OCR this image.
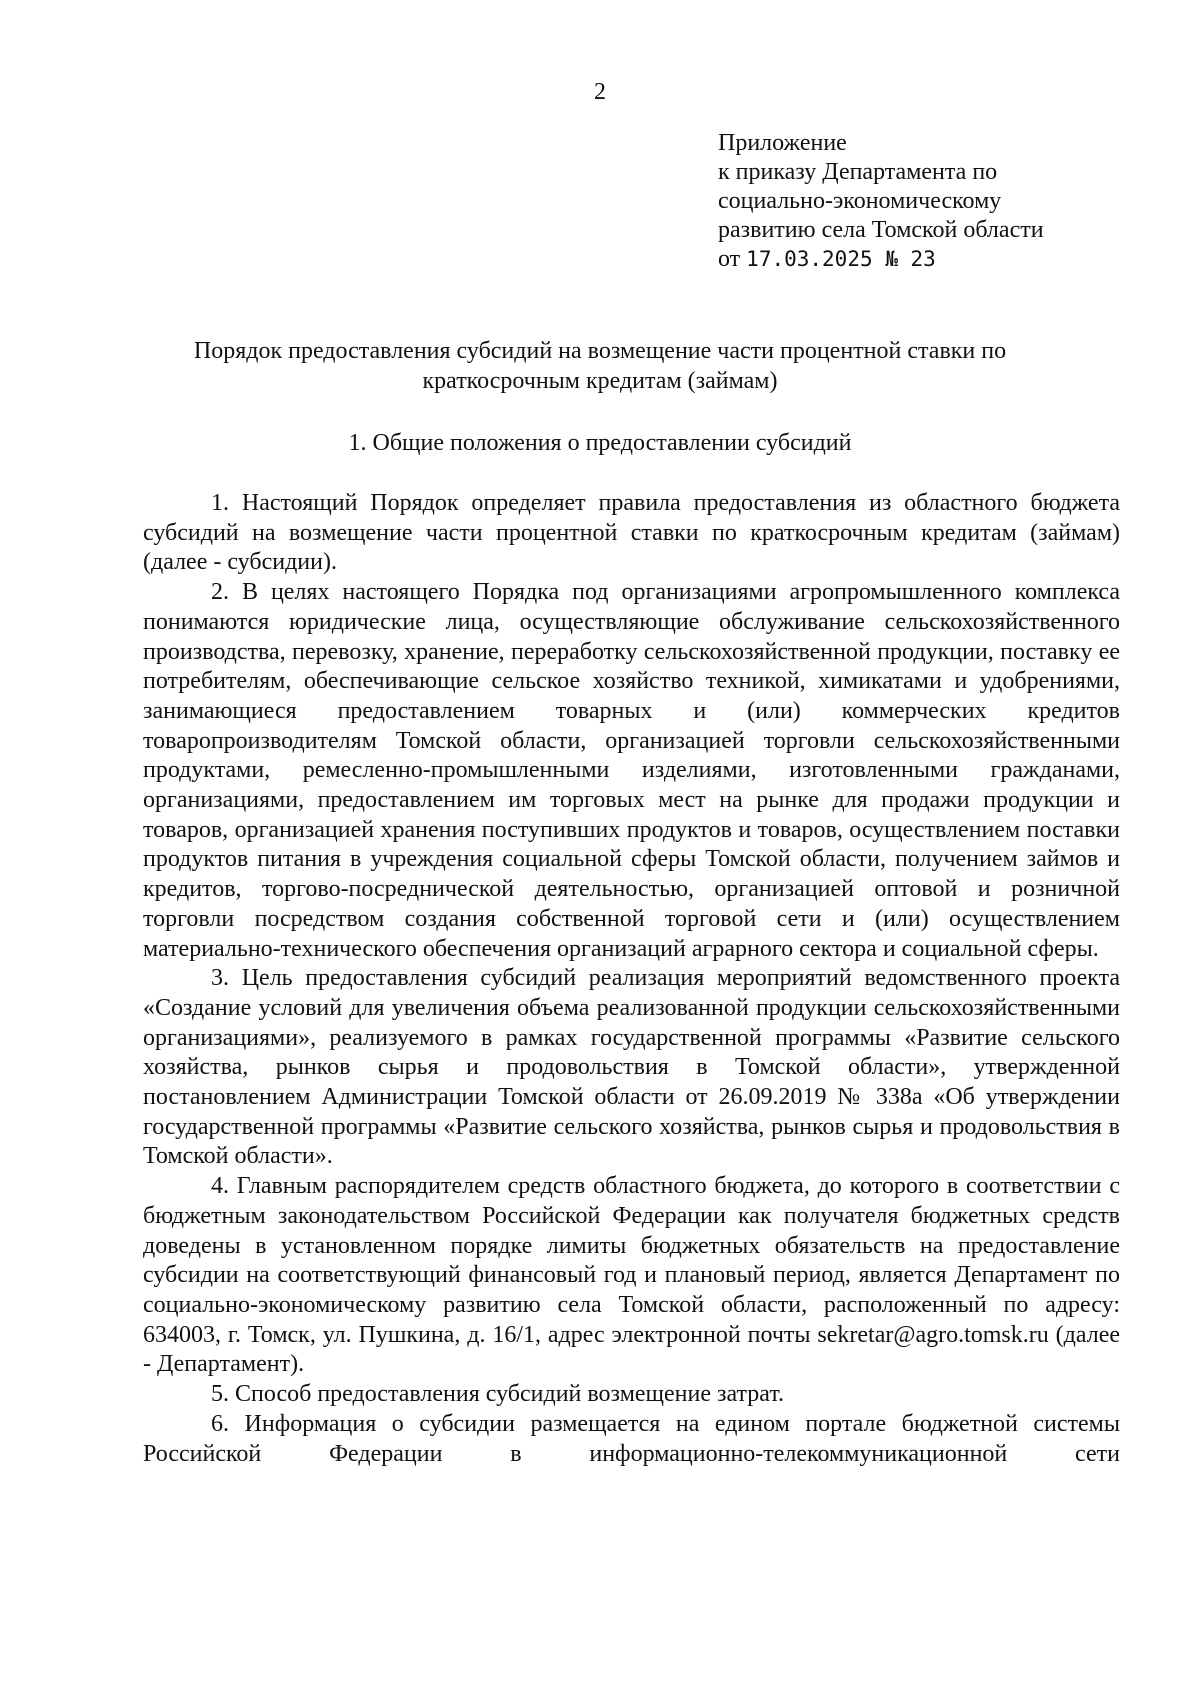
2
Приложение
к приказу Департамента по
социально-экономическому
развитию села Томской области
от 17.03.2025 № 23
Порядок предоставления субсидий на возмещение части процентной ставки по краткосрочным кредитам (займам)
1. Общие положения о предоставлении субсидий

1. Настоящий Порядок определяет правила предоставления из областного бюджета субсидий на возмещение части процентной ставки по краткосрочным кредитам (займам) (далее - субсидии).

2. В целях настоящего Порядка под организациями агропромышленного комплекса понимаются юридические лица, осуществляющие обслуживание сельскохозяйственного производства, перевозку, хранение, переработку сельскохозяйственной продукции, поставку ее потребителям, обеспечивающие сельское хозяйство техникой, химикатами и удобрениями, занимающиеся предоставлением товарных и (или) коммерческих кредитов товаропроизводителям Томской области, организацией торговли сельскохозяйственными продуктами, ремесленно-промышленными изделиями, изготовленными гражданами, организациями, предоставлением им торговых мест на рынке для продажи продукции и товаров, организацией хранения поступивших продуктов и товаров, осуществлением поставки продуктов питания в учреждения социальной сферы Томской области, получением займов и кредитов, торгово-посреднической деятельностью, организацией оптовой и розничной торговли посредством создания собственной торговой сети и (или) осуществлением материально-технического обеспечения организаций аграрного сектора и социальной сферы.

3. Цель предоставления субсидий реализация мероприятий ведомственного проекта «Создание условий для увеличения объема реализованной продукции сельскохозяйственными организациями», реализуемого в рамках государственной программы «Развитие сельского хозяйства, рынков сырья и продовольствия в Томской области», утвержденной постановлением Администрации Томской области от 26.09.2019 № 338а «Об утверждении государственной программы «Развитие сельского хозяйства, рынков сырья и продовольствия в Томской области».

4. Главным распорядителем средств областного бюджета, до которого в соответствии с бюджетным законодательством Российской Федерации как получателя бюджетных средств доведены в установленном порядке лимиты бюджетных обязательств на предоставление субсидии на соответствующий финансовый год и плановый период, является Департамент по социально-экономическому развитию села Томской области, расположенный по адресу: 634003, г. Томск, ул. Пушкина, д. 16/1, адрес электронной почты sekretar@agro.tomsk.ru (далее - Департамент).

5. Способ предоставления субсидий возмещение затрат.

6. Информация о субсидии размещается на едином портале бюджетной системы Российской Федерации в информационно-телекоммуникационной сети
